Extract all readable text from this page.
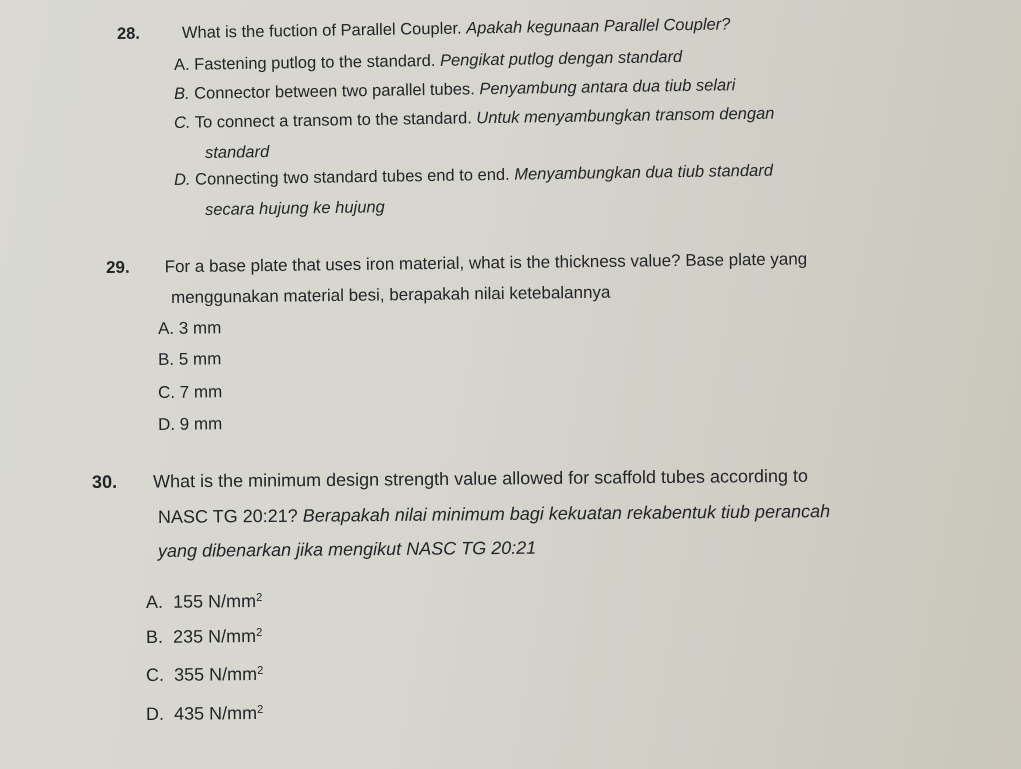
28.	What is the fuction of Parallel Coupler. Apakah kegunaan Parallel Coupler?
A. Fastening putlog to the standard. Pengikat putlog dengan standard
B. Connector between two parallel tubes. Penyambung antara dua tiub selari
C. To connect a transom to the standard. Untuk menyambungkan transom dengan
standard
D. Connecting two standard tubes end to end. Menyambungkan dua tiub standard
secara hujung ke hujung
29. For a base plate that uses iron material, what is the thickness value? Base plate yang
menggunakan material besi, berapakah nilai ketebalannya
A. 3 mm
B. 5 mm
C. 7 mm
D. 9 mm
30. What is the minimum design strength value allowed for scaffold tubes according to
NASC TG 20:21? Berapakah nilai minimum bagi kekuatan rekabentuk tiub perancah
yang dibenarkan jika mengikut NASC TG 20:21
A. 155 $N/mm^2$
B. 235 $N/mm^2$
C. 355 $N/mm^2$
D. 435 $N/mm^2$
